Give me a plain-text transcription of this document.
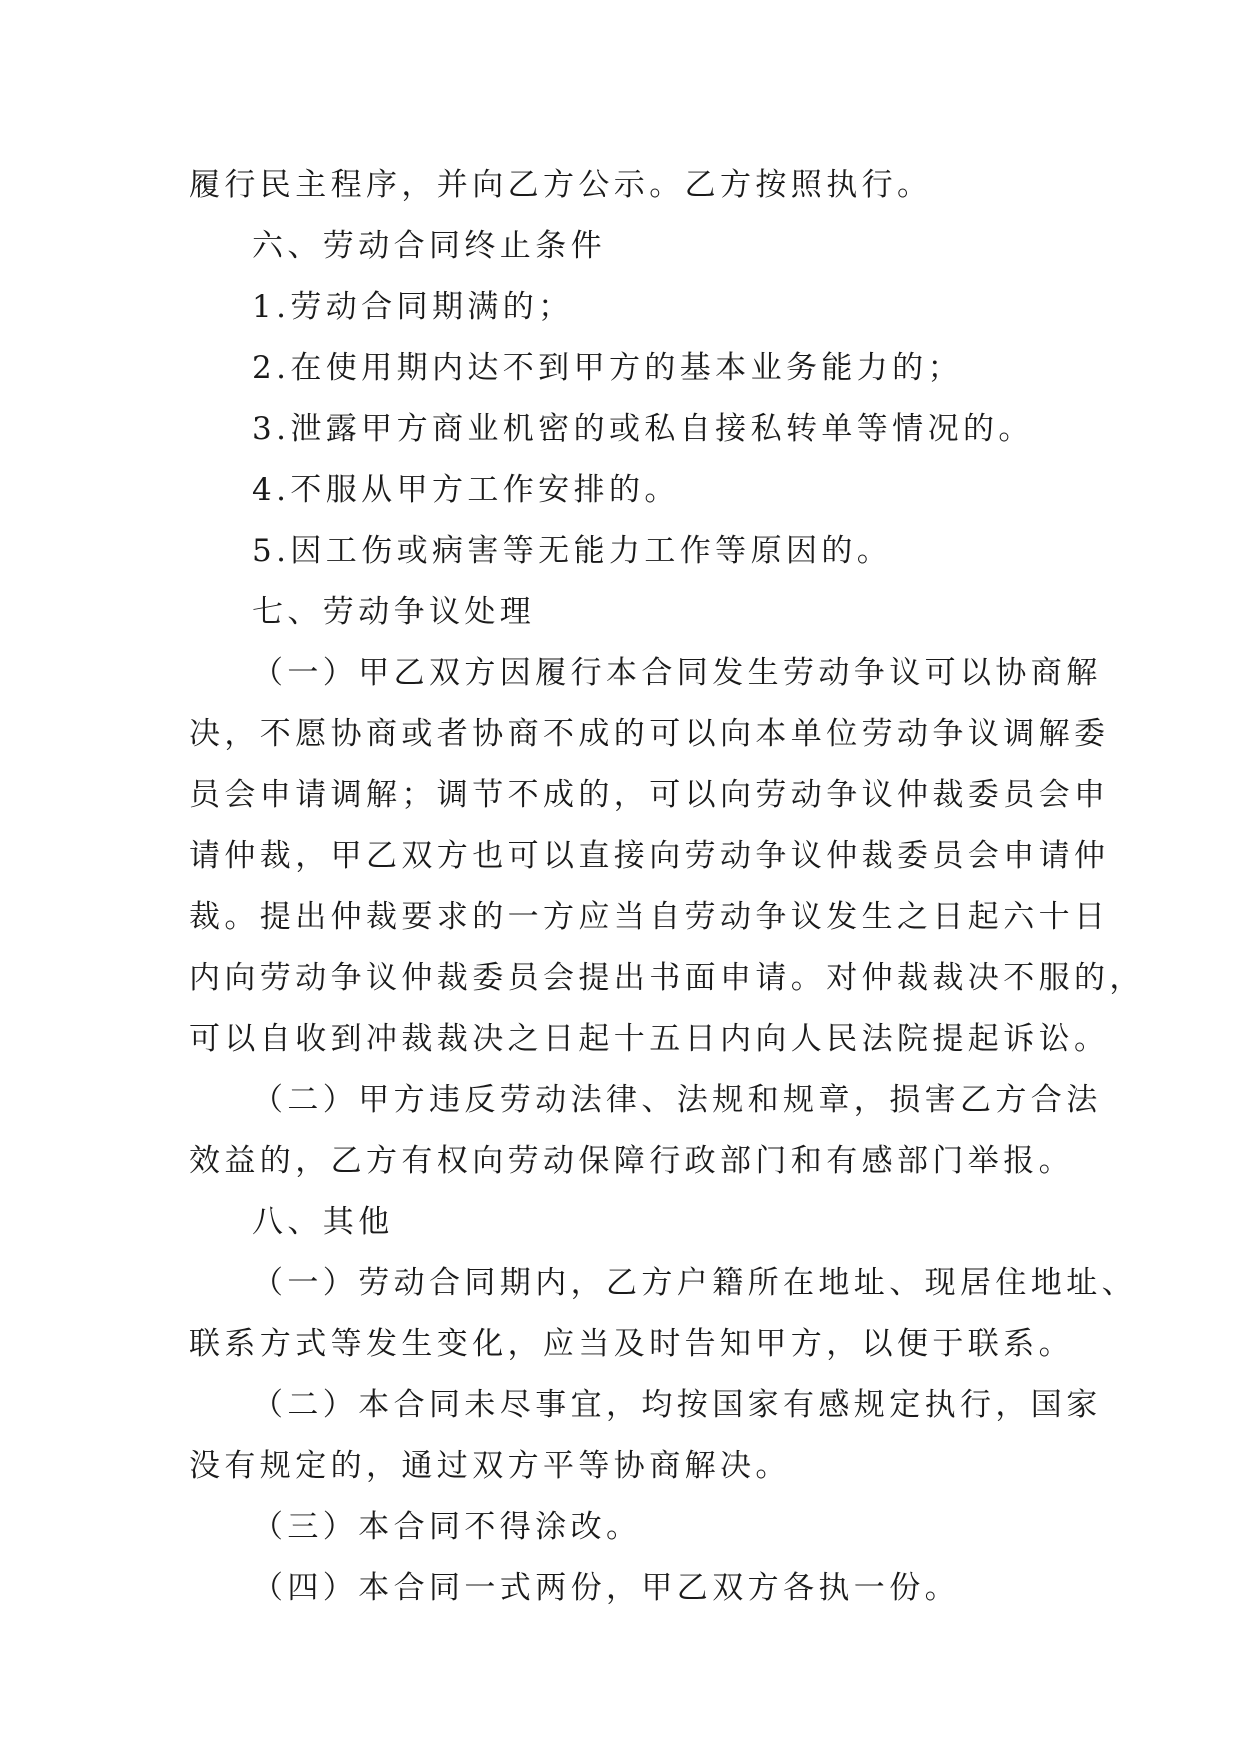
履行民主程序，并向乙方公示。乙方按照执行。
六、劳动合同终止条件
1.劳动合同期满的；
2.在使用期内达不到甲方的基本业务能力的；
3.泄露甲方商业机密的或私自接私转单等情况的。
4.不服从甲方工作安排的。
5.因工伤或病害等无能力工作等原因的。
七、劳动争议处理
（一）甲乙双方因履行本合同发生劳动争议可以协商解
决，不愿协商或者协商不成的可以向本单位劳动争议调解委
员会申请调解；调节不成的，可以向劳动争议仲裁委员会申
请仲裁，甲乙双方也可以直接向劳动争议仲裁委员会申请仲
裁。提出仲裁要求的一方应当自劳动争议发生之日起六十日
内向劳动争议仲裁委员会提出书面申请。对仲裁裁决不服的，
可以自收到冲裁裁决之日起十五日内向人民法院提起诉讼。
（二）甲方违反劳动法律、法规和规章，损害乙方合法
效益的，乙方有权向劳动保障行政部门和有感部门举报。
八、其他
（一）劳动合同期内，乙方户籍所在地址、现居住地址、
联系方式等发生变化，应当及时告知甲方，以便于联系。
（二）本合同未尽事宜，均按国家有感规定执行，国家
没有规定的，通过双方平等协商解决。
（三）本合同不得涂改。
（四）本合同一式两份，甲乙双方各执一份。
